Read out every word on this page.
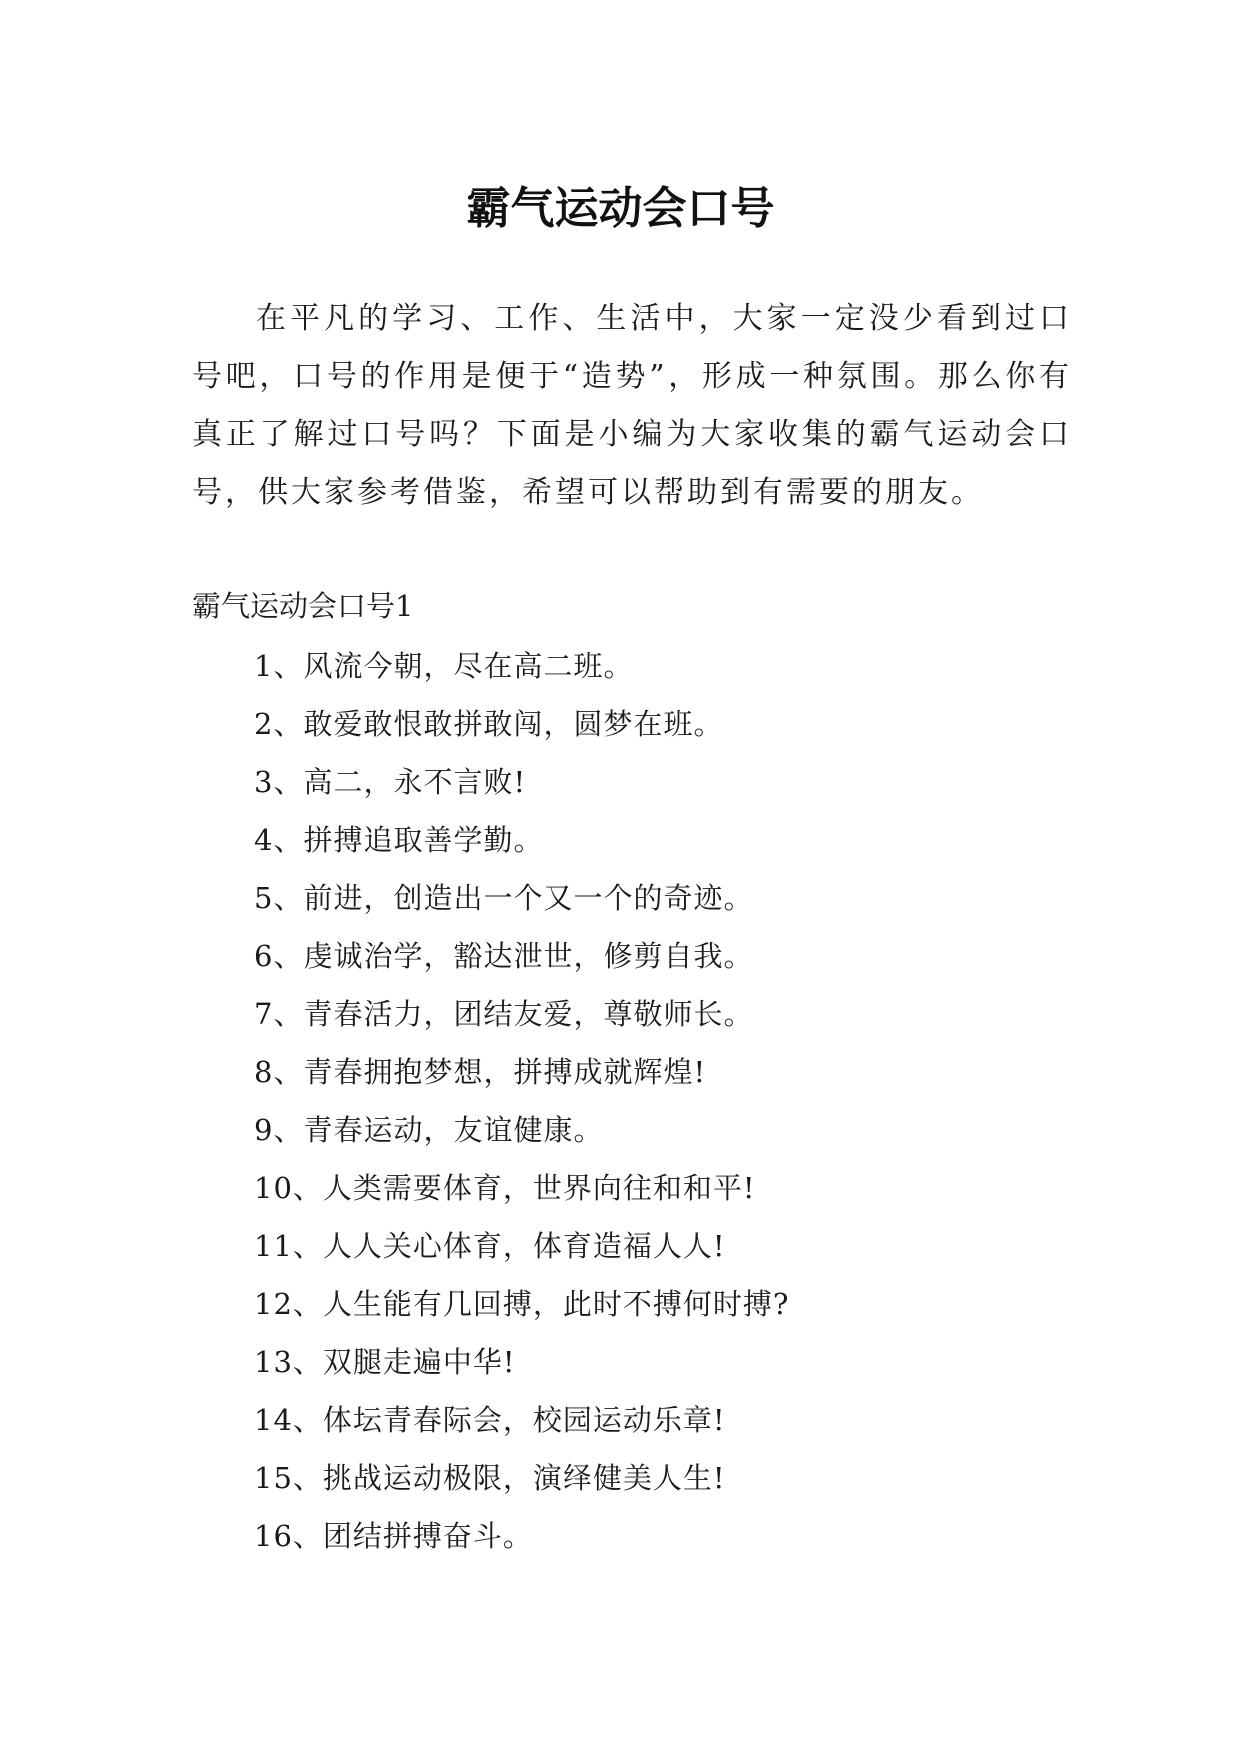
霸气运动会口号

在平凡的学习、工作、生活中，大家一定没少看到过口号吧，口号的作用是便于“造势”，形成一种氛围。那么你有真正了解过口号吗？下面是小编为大家收集的霸气运动会口号，供大家参考借鉴，希望可以帮助到有需要的朋友。

霸气运动会口号1

1、风流今朝，尽在高二班。
2、敢爱敢恨敢拼敢闯，圆梦在班。
3、高二，永不言败!
4、拼搏追取善学勤。
5、前进，创造出一个又一个的奇迹。
6、虔诚治学，豁达泄世，修剪自我。
7、青春活力，团结友爱，尊敬师长。
8、青春拥抱梦想，拼搏成就辉煌!
9、青春运动，友谊健康。
10、人类需要体育，世界向往和和平!
11、人人关心体育，体育造福人人!
12、人生能有几回搏，此时不搏何时搏?
13、双腿走遍中华!
14、体坛青春际会，校园运动乐章!
15、挑战运动极限，演绎健美人生!
16、团结拼搏奋斗。
